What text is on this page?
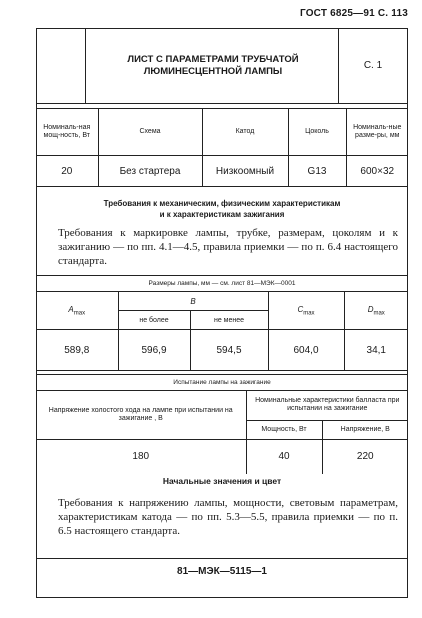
ГОСТ 6825—91 С. 113
ЛИСТ С ПАРАМЕТРАМИ ТРУБЧАТОЙ
ЛЮМИНЕСЦЕНТНОЙ ЛАМПЫ
С. 1
Номиналь-ная мощ-ность, Вт	Схема	Катод	Цоколь	Номиналь-ные разме-ры, мм
20	Без стартера	Низкоомный	G13	600×32
Требования к механическим, физическим характеристикам
и к характеристикам зажигания
Требования к маркировке лампы, трубке, размерам, цоколям и к зажиганию — по пп. 4.1—4.5, правила приемки — по п. 6.4 настоящего стандарта.
Размеры лампы, мм — см. лист 81—МЭК—0001				
$A_{max}$	B		$C_{max}$	$D_{max}$
	не более	не менее		
589,8	596,9	594,5	604,0	34,1
Испытание лампы на зажигание		
Напряжение холостого хода на лампе при испытании на зажигание , В	Номинальные характеристики балласта при испытании на зажигание	
	Мощность, Вт	Напряжение, В
180	40	220
Начальные значения и цвет
Требования к напряжению лампы, мощности, световым параметрам, характеристикам катода — по пп. 5.3—5.5, правила приемки — по п. 6.5 настоящего стандарта.
81—МЭК—5115—1
